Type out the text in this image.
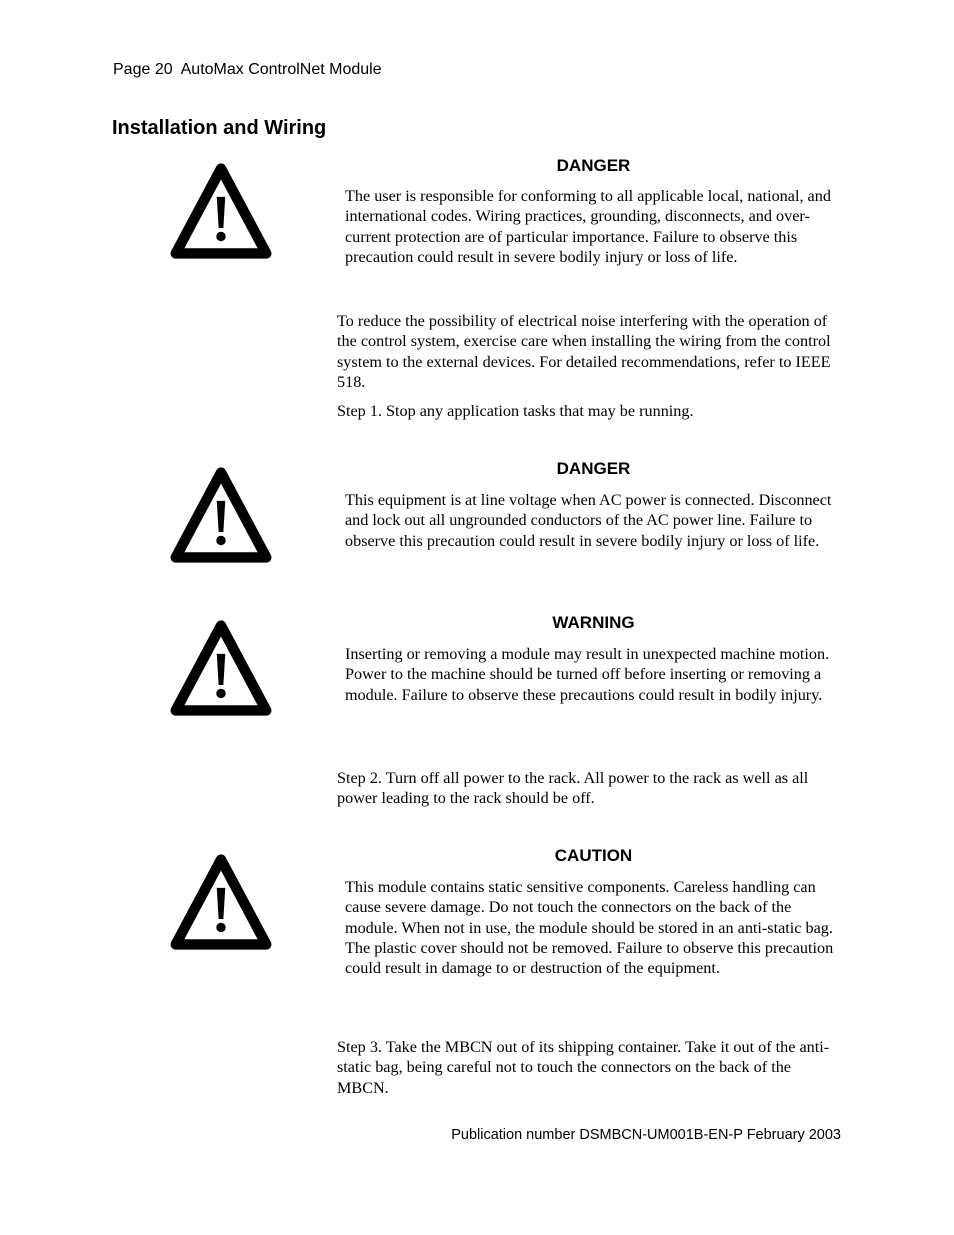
Page 20  AutoMax ControlNet Module
Installation and Wiring
DANGER
The user is responsible for conforming to all applicable local, national, and international codes. Wiring practices, grounding, disconnects, and over-current protection are of particular importance. Failure to observe this precaution could result in severe bodily injury or loss of life.
To reduce the possibility of electrical noise interfering with the operation of the control system, exercise care when installing the wiring from the control system to the external devices. For detailed recommendations, refer to IEEE 518.
Step 1. Stop any application tasks that may be running.
DANGER
This equipment is at line voltage when AC power is connected. Disconnect and lock out all ungrounded conductors of the AC power line. Failure to observe this precaution could result in severe bodily injury or loss of life.
WARNING
Inserting or removing a module may result in unexpected machine motion. Power to the machine should be turned off before inserting or removing a module. Failure to observe these precautions could result in bodily injury.
Step 2. Turn off all power to the rack. All power to the rack as well as all power leading to the rack should be off.
CAUTION
This module contains static sensitive components. Careless handling can cause severe damage. Do not touch the connectors on the back of the module. When not in use, the module should be stored in an anti-static bag. The plastic cover should not be removed. Failure to observe this precaution could result in damage to or destruction of the equipment.
Step 3. Take the MBCN out of its shipping container. Take it out of the anti-static bag, being careful not to touch the connectors on the back of the MBCN.
Publication number DSMBCN-UM001B-EN-P February 2003
